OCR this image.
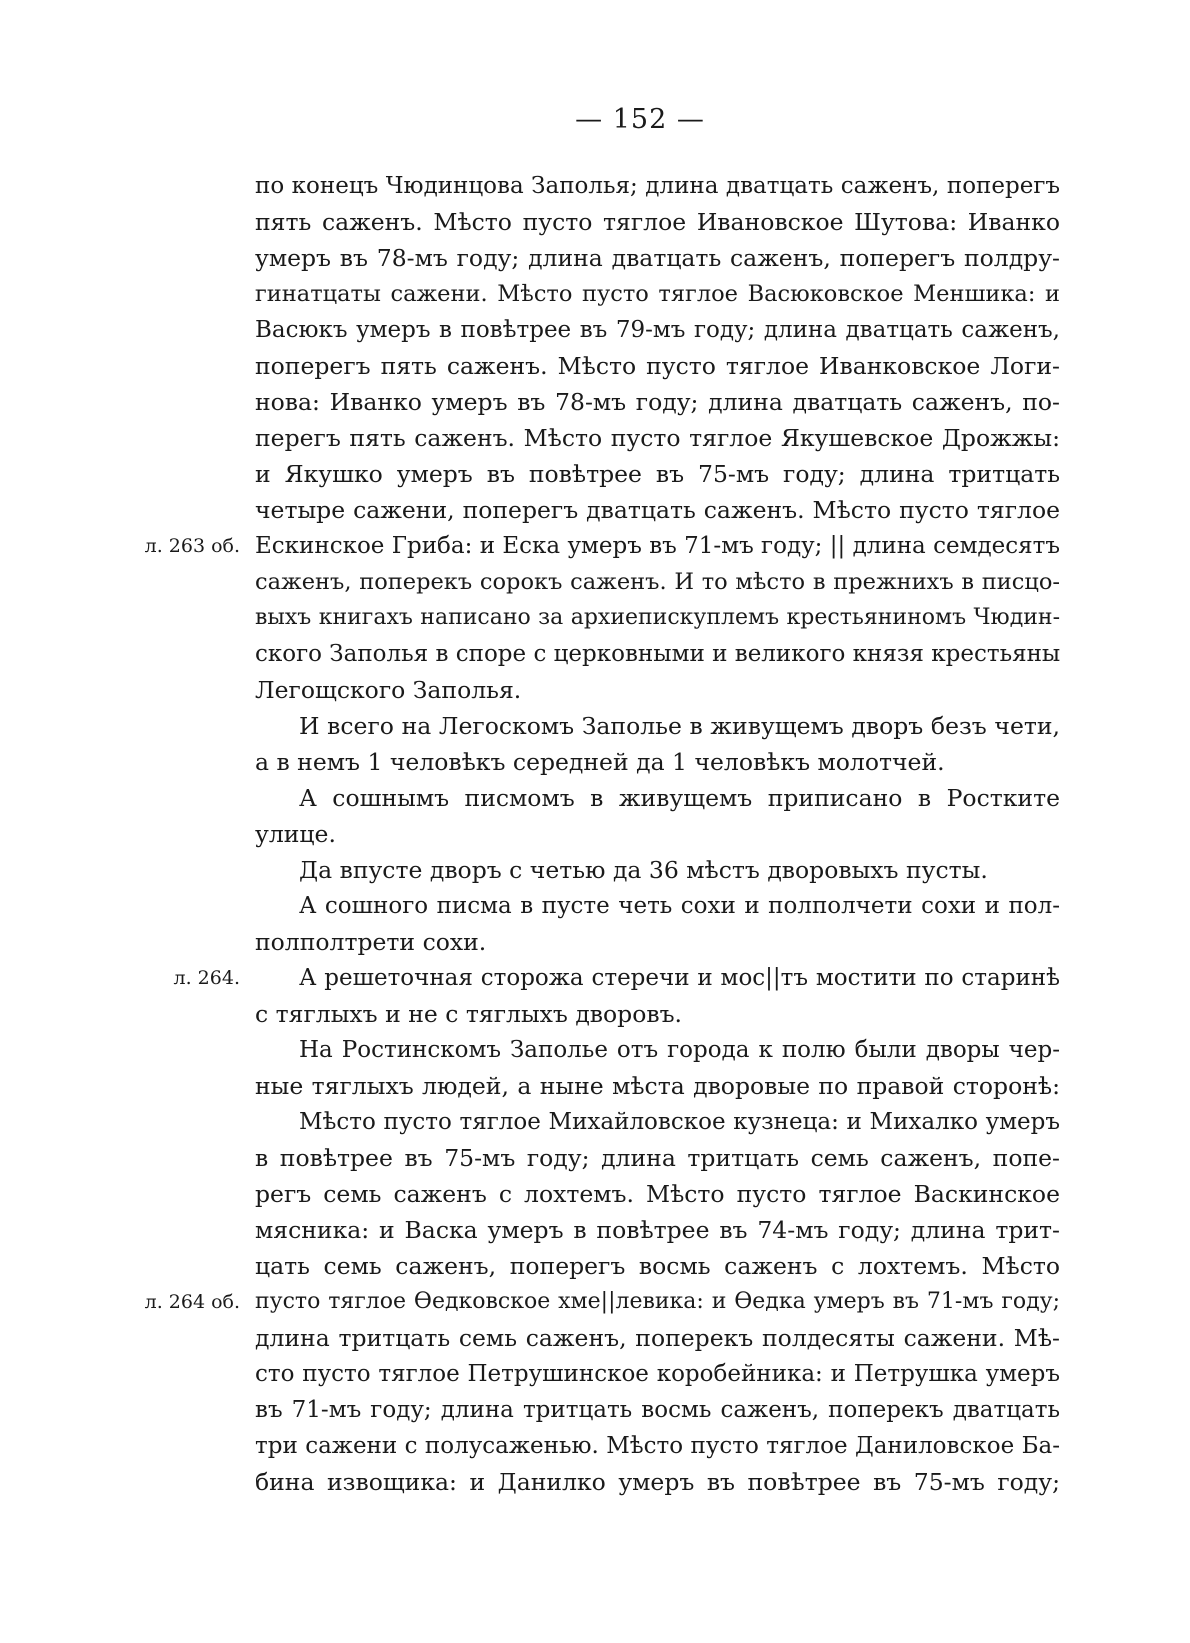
— 152 —
по конецъ Чюдинцова Заполья; длина дватцать саженъ, поперегъ
пять саженъ. Мѣсто пусто тяглое Ивановское Шутова: Иванко
умеръ въ 78-мъ году; длина дватцать саженъ, поперегъ полдру-
гинатцаты сажени. Мѣсто пусто тяглое Васюковское Меншика: и
Васюкъ умеръ в повѣтрее въ 79-мъ году; длина дватцать саженъ,
поперегъ пять саженъ. Мѣсто пусто тяглое Иванковское Логи-
нова: Иванко умеръ въ 78-мъ году; длина дватцать саженъ, по-
перегъ пять саженъ. Мѣсто пусто тяглое Якушевское Дрожжы:
и Якушко умеръ въ повѣтрее въ 75-мъ году; длина тритцать
четыре сажени, поперегъ дватцать саженъ. Мѣсто пусто тяглое
л. 263 об. Ескинское Гриба: и Еска умеръ въ 71-мъ году; || длина семдесятъ
саженъ, поперекъ сорокъ саженъ. И то мѣсто в прежнихъ в писцо-
выхъ книгахъ написано за архиепискуплемъ крестьяниномъ Чюдин-
ского Заполья в споре с церковными и великого князя крестьяны
Легощского Заполья.
И всего на Легоскомъ Заполье в живущемъ дворъ безъ чети,
а в немъ 1 человѣкъ середней да 1 человѣкъ молотчей.
А сошнымъ писмомъ в живущемъ приписано в Ростките
улице.
Да впусте дворъ с четью да 36 мѣстъ дворовыхъ пусты.
А сошного писма в пусте четь сохи и полполчети сохи и пол-
полполтрети сохи.
л. 264.	А решеточная сторожа стеречи и мос||тъ мостити по старинѣ
с тяглыхъ и не с тяглыхъ дворовъ.
На Ростинскомъ Заполье отъ города к полю были дворы чер-
ные тяглыхъ людей, а ныне мѣста дворовые по правой сторонѣ:
Мѣсто пусто тяглое Михайловское кузнеца: и Михалко умеръ
в повѣтрее въ 75-мъ году; длина тритцать семь саженъ, попе-
регъ семь саженъ с лохтемъ. Мѣсто пусто тяглое Васкинское
мясника: и Васка умеръ в повѣтрее въ 74-мъ году; длина трит-
цать семь саженъ, поперегъ восмь саженъ с лохтемъ. Мѣсто
л. 264 об. пусто тяглое Ѳедковское хме||левика: и Ѳедка умеръ въ 71-мъ году;
длина тритцать семь саженъ, поперекъ полдесяты сажени. Мѣ-
сто пусто тяглое Петрушинское коробейника: и Петрушка умеръ
въ 71-мъ году; длина тритцать восмь саженъ, поперекъ дватцать
три сажени с полусаженью. Мѣсто пусто тяглое Даниловское Ба-
бина извощика: и Данилко умеръ въ повѣтрее въ 75-мъ году;
